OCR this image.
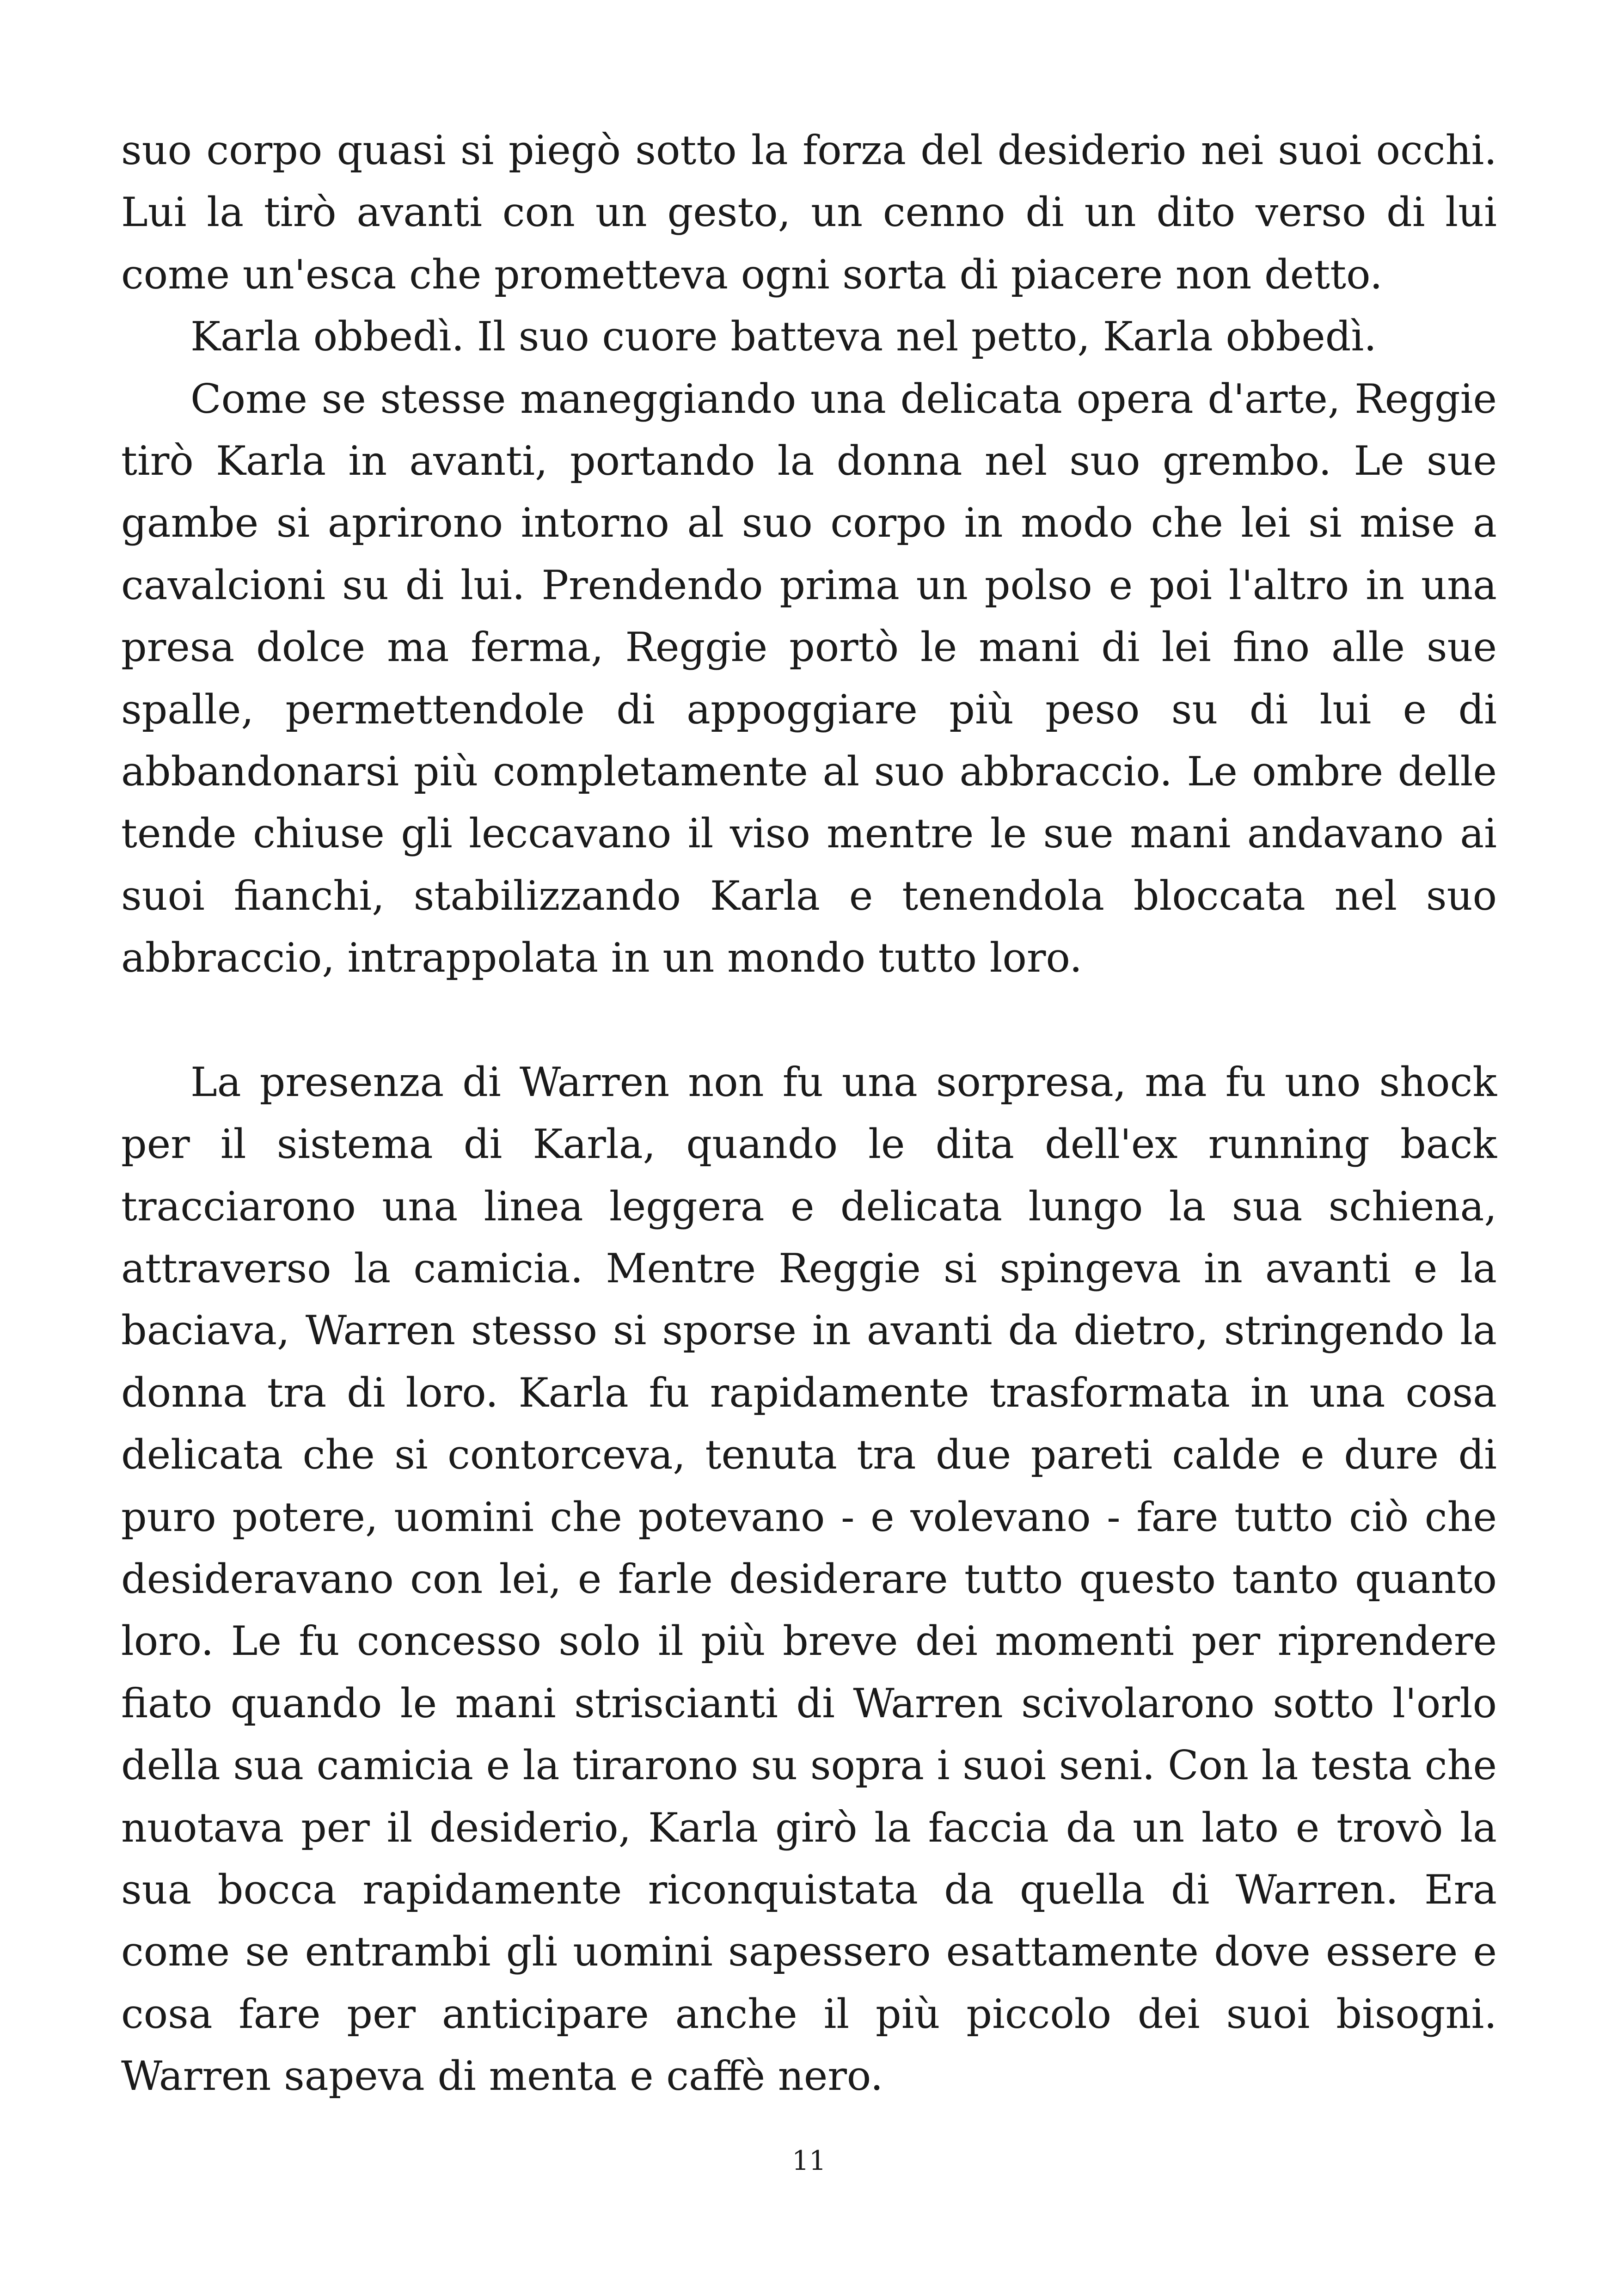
suo corpo quasi si piegò sotto la forza del desiderio nei suoi occhi. Lui la tirò avanti con un gesto, un cenno di un dito verso di lui come un'esca che prometteva ogni sorta di piacere non detto.

Karla obbedì. Il suo cuore batteva nel petto, Karla obbedì.

Come se stesse maneggiando una delicata opera d'arte, Reggie tirò Karla in avanti, portando la donna nel suo grembo. Le sue gambe si aprirono intorno al suo corpo in modo che lei si mise a cavalcioni su di lui. Prendendo prima un polso e poi l'altro in una presa dolce ma ferma, Reggie portò le mani di lei fino alle sue spalle, permettendole di appoggiare più peso su di lui e di abbandonarsi più completamente al suo abbraccio. Le ombre delle tende chiuse gli leccavano il viso mentre le sue mani andavano ai suoi fianchi, stabilizzando Karla e tenendola bloccata nel suo abbraccio, intrappolata in un mondo tutto loro.

La presenza di Warren non fu una sorpresa, ma fu uno shock per il sistema di Karla, quando le dita dell'ex running back tracciarono una linea leggera e delicata lungo la sua schiena, attraverso la camicia. Mentre Reggie si spingeva in avanti e la baciava, Warren stesso si sporse in avanti da dietro, stringendo la donna tra di loro. Karla fu rapidamente trasformata in una cosa delicata che si contorceva, tenuta tra due pareti calde e dure di puro potere, uomini che potevano - e volevano - fare tutto ciò che desideravano con lei, e farle desiderare tutto questo tanto quanto loro. Le fu concesso solo il più breve dei momenti per riprendere fiato quando le mani striscianti di Warren scivolarono sotto l'orlo della sua camicia e la tirarono su sopra i suoi seni. Con la testa che nuotava per il desiderio, Karla girò la faccia da un lato e trovò la sua bocca rapidamente riconquistata da quella di Warren. Era come se entrambi gli uomini sapessero esattamente dove essere e cosa fare per anticipare anche il più piccolo dei suoi bisogni. Warren sapeva di menta e caffè nero.

11
